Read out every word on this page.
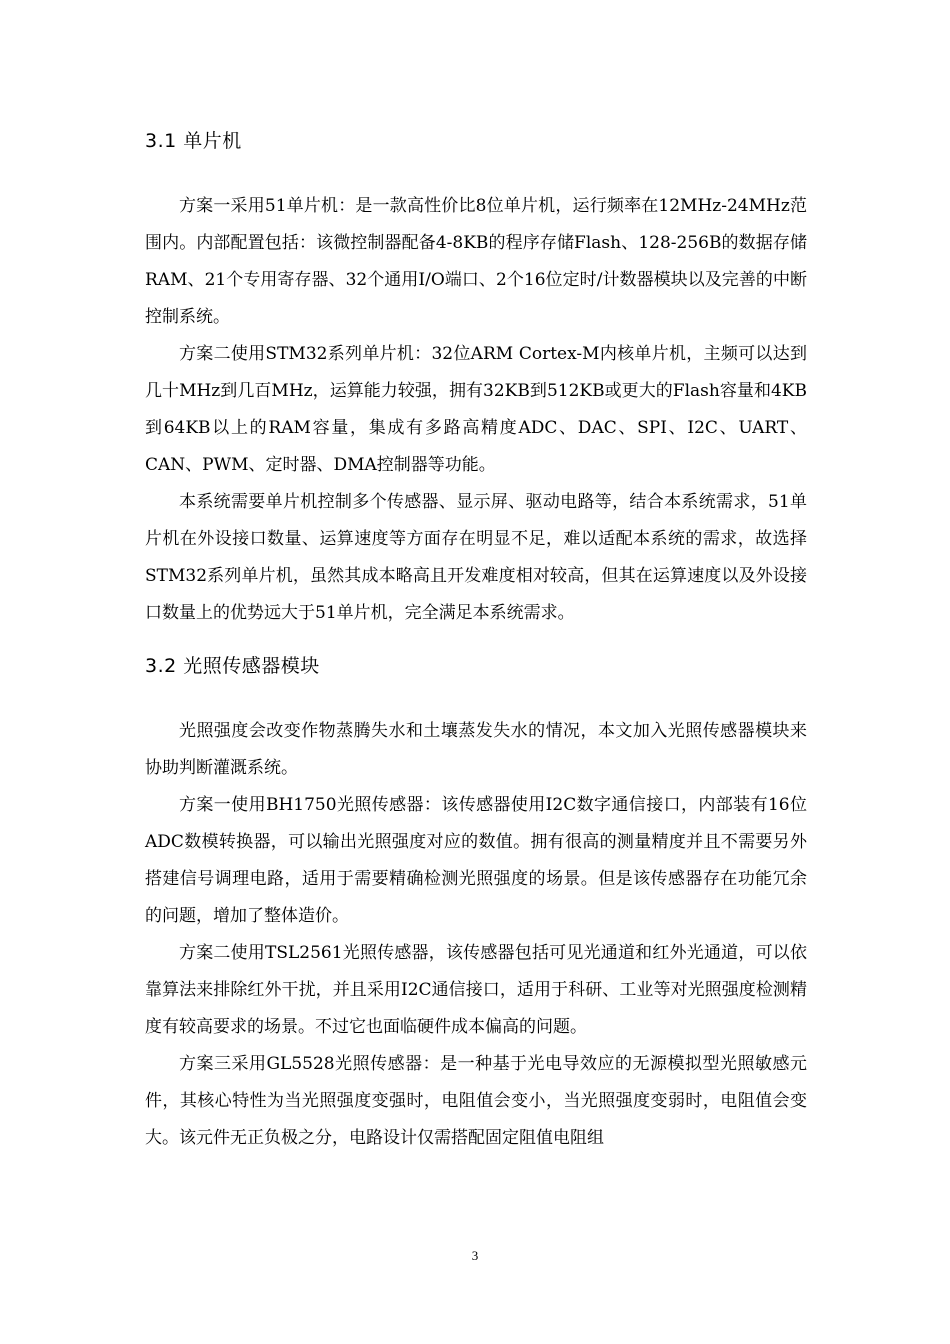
3.1 单片机

方案一采用51单片机：是一款高性价比8位单片机，运行频率在12MHz-24MHz范围内。内部配置包括：该微控制器配备4-8KB的程序存储Flash、128-256B的数据存储RAM、21个专用寄存器、32个通用I/O端口、2个16位定时/计数器模块以及完善的中断控制系统。

方案二使用STM32系列单片机：32位ARM Cortex-M内核单片机，主频可以达到几十MHz到几百MHz，运算能力较强，拥有32KB到512KB或更大的Flash容量和4KB到64KB以上的RAM容量，集成有多路高精度ADC、DAC、SPI、I2C、UART、CAN、PWM、定时器、DMA控制器等功能。

本系统需要单片机控制多个传感器、显示屏、驱动电路等，结合本系统需求，51单片机在外设接口数量、运算速度等方面存在明显不足，难以适配本系统的需求，故选择STM32系列单片机，虽然其成本略高且开发难度相对较高，但其在运算速度以及外设接口数量上的优势远大于51单片机，完全满足本系统需求。

3.2 光照传感器模块

光照强度会改变作物蒸腾失水和土壤蒸发失水的情况，本文加入光照传感器模块来协助判断灌溉系统。

方案一使用BH1750光照传感器：该传感器使用I2C数字通信接口，内部装有16位ADC数模转换器，可以输出光照强度对应的数值。拥有很高的测量精度并且不需要另外搭建信号调理电路，适用于需要精确检测光照强度的场景。但是该传感器存在功能冗余的问题，增加了整体造价。

方案二使用TSL2561光照传感器，该传感器包括可见光通道和红外光通道，可以依靠算法来排除红外干扰，并且采用I2C通信接口，适用于科研、工业等对光照强度检测精度有较高要求的场景。不过它也面临硬件成本偏高的问题。

方案三采用GL5528光照传感器：是一种基于光电导效应的无源模拟型光照敏感元件，其核心特性为当光照强度变强时，电阻值会变小，当光照强度变弱时，电阻值会变大。该元件无正负极之分，电路设计仅需搭配固定阻值电阻组

3
